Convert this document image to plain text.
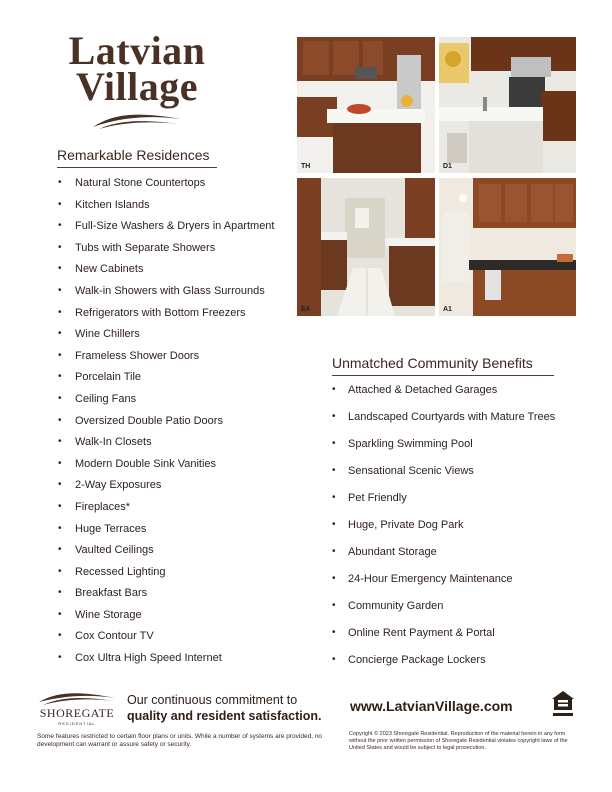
Latvian
Village
Remarkable Residences
• Natural Stone Countertops
• Kitchen Islands
• Full-Size Washers & Dryers in Apartment
• Tubs with Separate Showers
• New Cabinets
• Walk-in Showers with Glass Surrounds
• Refrigerators with Bottom Freezers
• Wine Chillers
• Frameless Shower Doors
• Porcelain Tile
• Ceiling Fans
• Oversized Double Patio Doors
• Walk-In Closets
• Modern Double Sink Vanities
• 2-Way Exposures
• Fireplaces*
• Huge Terraces
• Vaulted Ceilings
• Recessed Lighting
• Breakfast Bars
• Wine Storage
• Cox Contour TV
• Cox Ultra High Speed Internet
TH	D1
E4	A1
Unmatched Community Benefits
• Attached & Detached Garages
• Landscaped Courtyards with Mature Trees
• Sparkling Swimming Pool
• Sensational Scenic Views
• Pet Friendly
• Huge, Private Dog Park
• Abundant Storage
• 24-Hour Emergency Maintenance
• Community Garden
• Online Rent Payment & Portal
• Concierge Package Lockers
SHOREGATE
RESIDENTIAL
Our continuous commitment to
quality and resident satisfaction.
Some features restricted to certain floor plans or units. While a number of systems are provided, no development can warrant or assure safety or security.
www.LatvianVillage.com
Copyright © 2023 Shoregate Residential. Reproduction of the material herein in any form without the prior written permission of Shoregate Residential violates copyright laws of the United States and would be subject to legal prosecution.
